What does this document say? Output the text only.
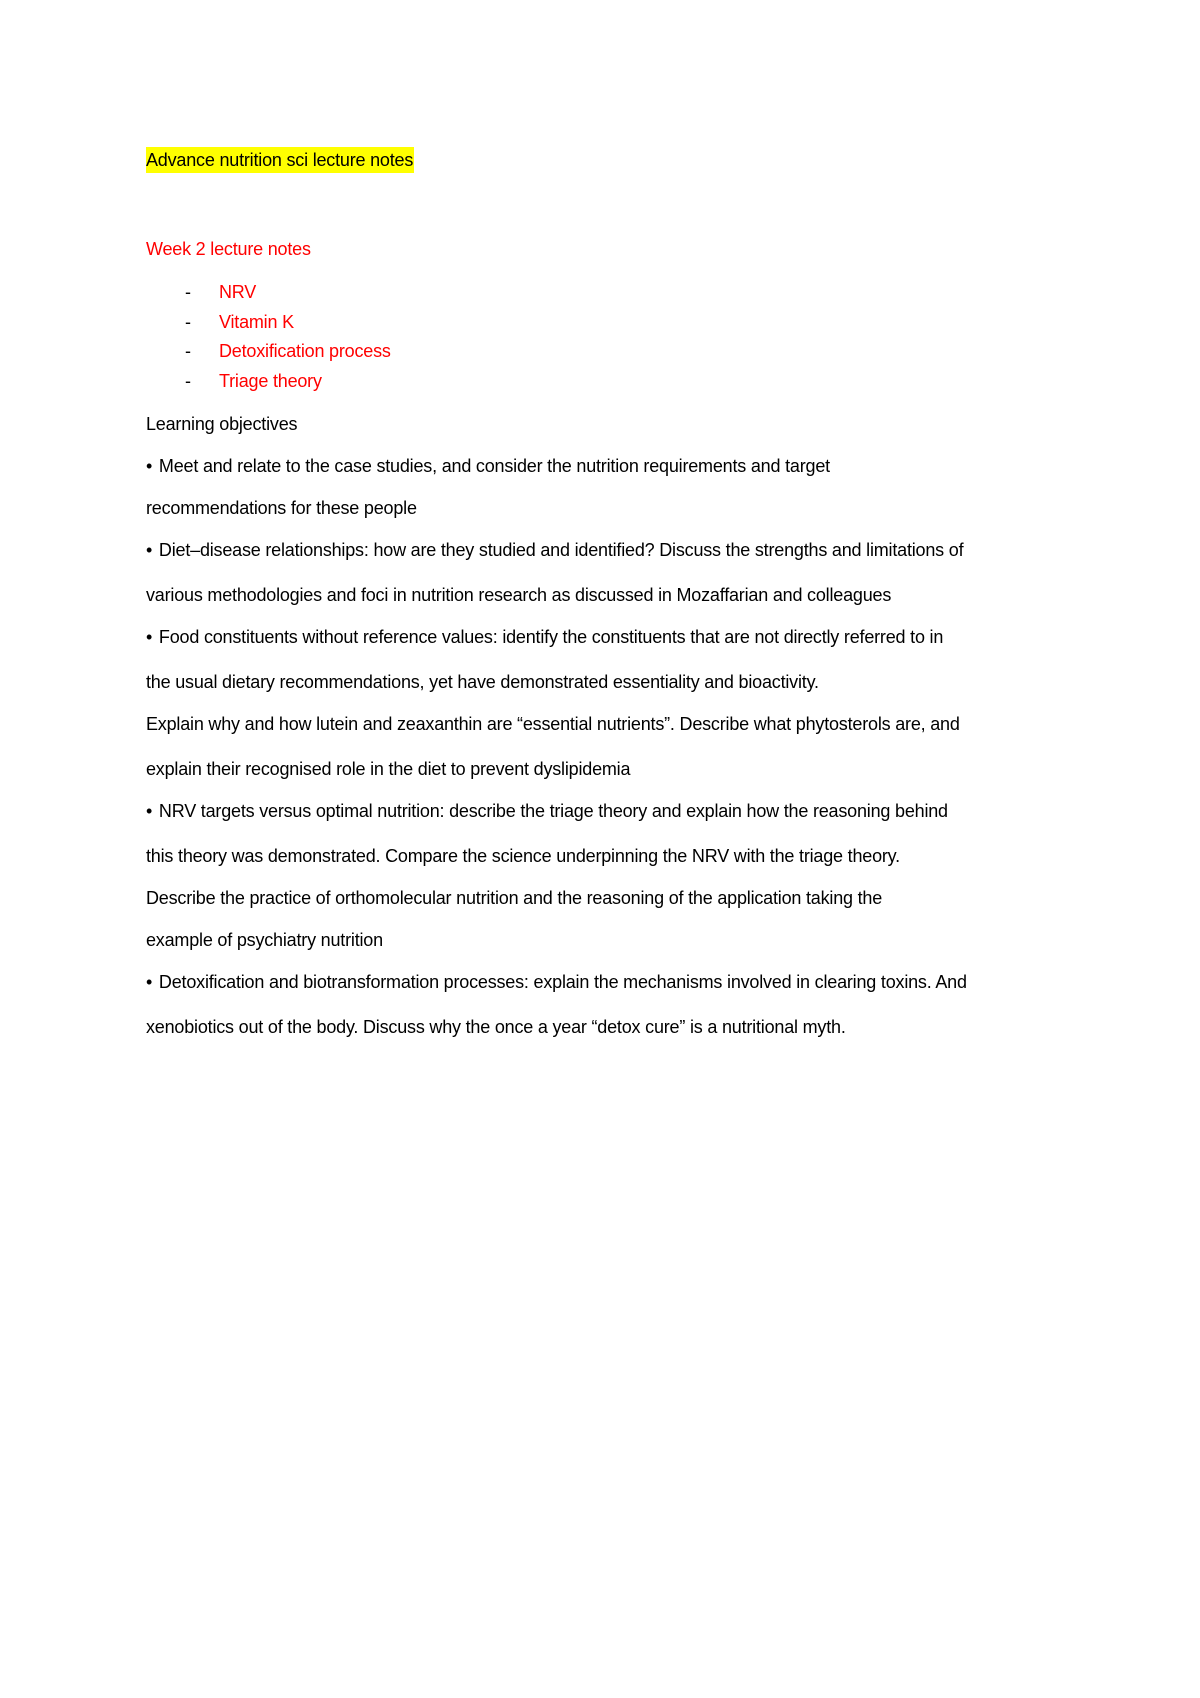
Advance nutrition sci lecture notes
Week 2 lecture notes
- NRV
- Vitamin K
- Detoxification process
- Triage theory

Learning objectives

• Meet and relate to the case studies, and consider the nutrition requirements and target

recommendations for these people

• Diet–disease relationships: how are they studied and identified? Discuss the strengths and limitations of

various methodologies and foci in nutrition research as discussed in Mozaffarian and colleagues

• Food constituents without reference values: identify the constituents that are not directly referred to in

the usual dietary recommendations, yet have demonstrated essentiality and bioactivity.

Explain why and how lutein and zeaxanthin are “essential nutrients”. Describe what phytosterols are, and

explain their recognised role in the diet to prevent dyslipidemia

• NRV targets versus optimal nutrition: describe the triage theory and explain how the reasoning behind

this theory was demonstrated. Compare the science underpinning the NRV with the triage theory.

Describe the practice of orthomolecular nutrition and the reasoning of the application taking the

example of psychiatry nutrition

• Detoxification and biotransformation processes: explain the mechanisms involved in clearing toxins. And

xenobiotics out of the body. Discuss why the once a year “detox cure” is a nutritional myth.
